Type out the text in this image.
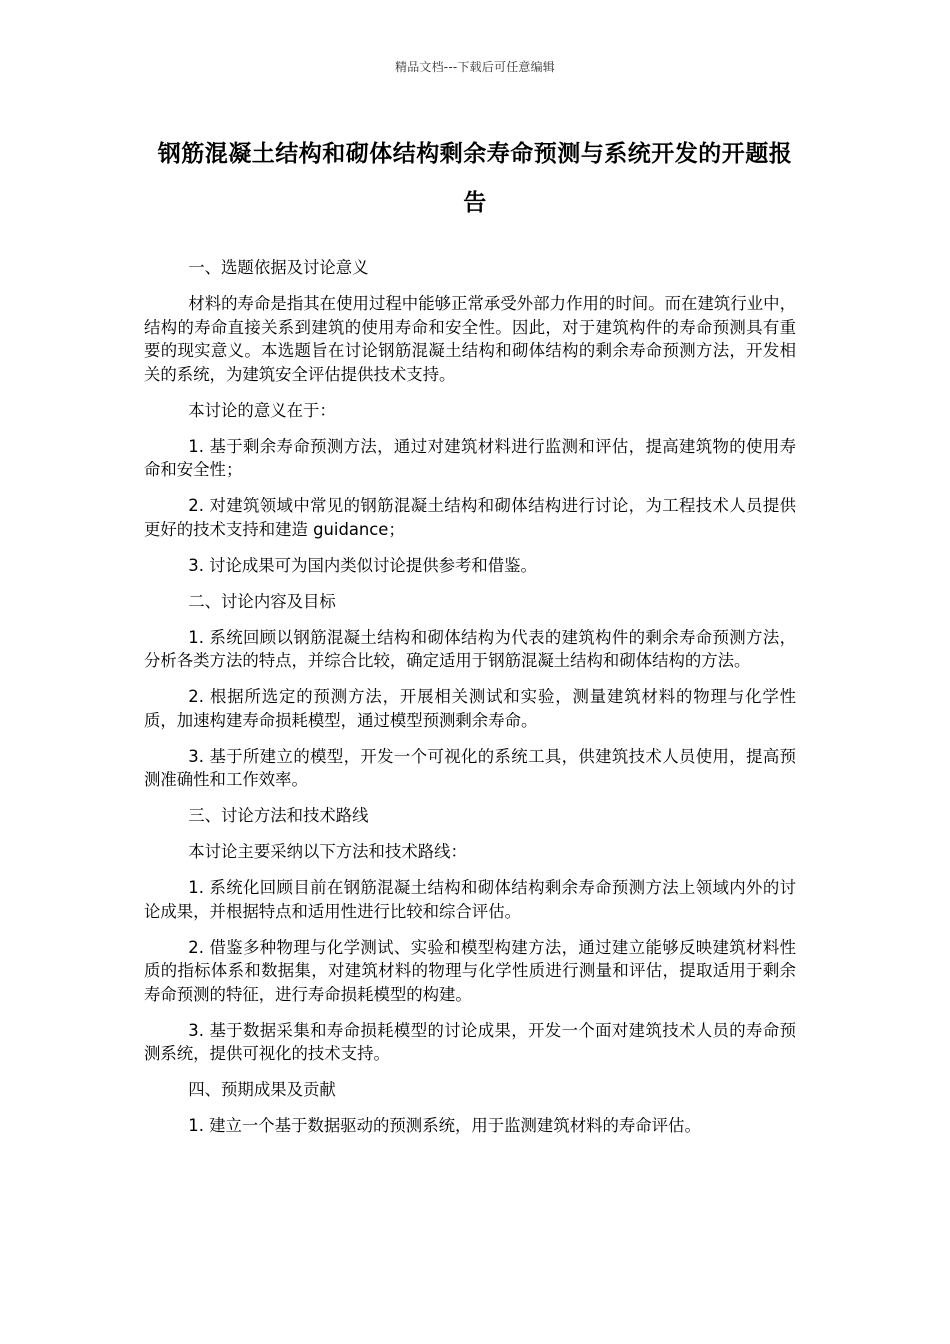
精品文档---下载后可任意编辑
钢筋混凝土结构和砌体结构剩余寿命预测与系统开发的开题报告

一、选题依据及讨论意义

材料的寿命是指其在使用过程中能够正常承受外部力作用的时间。而在建筑行业中，结构的寿命直接关系到建筑的使用寿命和安全性。因此，对于建筑构件的寿命预测具有重要的现实意义。本选题旨在讨论钢筋混凝土结构和砌体结构的剩余寿命预测方法，开发相关的系统，为建筑安全评估提供技术支持。

本讨论的意义在于：

1. 基于剩余寿命预测方法，通过对建筑材料进行监测和评估，提高建筑物的使用寿命和安全性；

2. 对建筑领域中常见的钢筋混凝土结构和砌体结构进行讨论，为工程技术人员提供更好的技术支持和建造 guidance；

3. 讨论成果可为国内类似讨论提供参考和借鉴。

二、讨论内容及目标

1. 系统回顾以钢筋混凝土结构和砌体结构为代表的建筑构件的剩余寿命预测方法，分析各类方法的特点，并综合比较，确定适用于钢筋混凝土结构和砌体结构的方法。

2. 根据所选定的预测方法，开展相关测试和实验，测量建筑材料的物理与化学性质，加速构建寿命损耗模型，通过模型预测剩余寿命。

3. 基于所建立的模型，开发一个可视化的系统工具，供建筑技术人员使用，提高预测准确性和工作效率。

三、讨论方法和技术路线

本讨论主要采纳以下方法和技术路线：

1. 系统化回顾目前在钢筋混凝土结构和砌体结构剩余寿命预测方法上领域内外的讨论成果，并根据特点和适用性进行比较和综合评估。

2. 借鉴多种物理与化学测试、实验和模型构建方法，通过建立能够反映建筑材料性质的指标体系和数据集，对建筑材料的物理与化学性质进行测量和评估，提取适用于剩余寿命预测的特征，进行寿命损耗模型的构建。

3. 基于数据采集和寿命损耗模型的讨论成果，开发一个面对建筑技术人员的寿命预测系统，提供可视化的技术支持。

四、预期成果及贡献

1. 建立一个基于数据驱动的预测系统，用于监测建筑材料的寿命评估。
